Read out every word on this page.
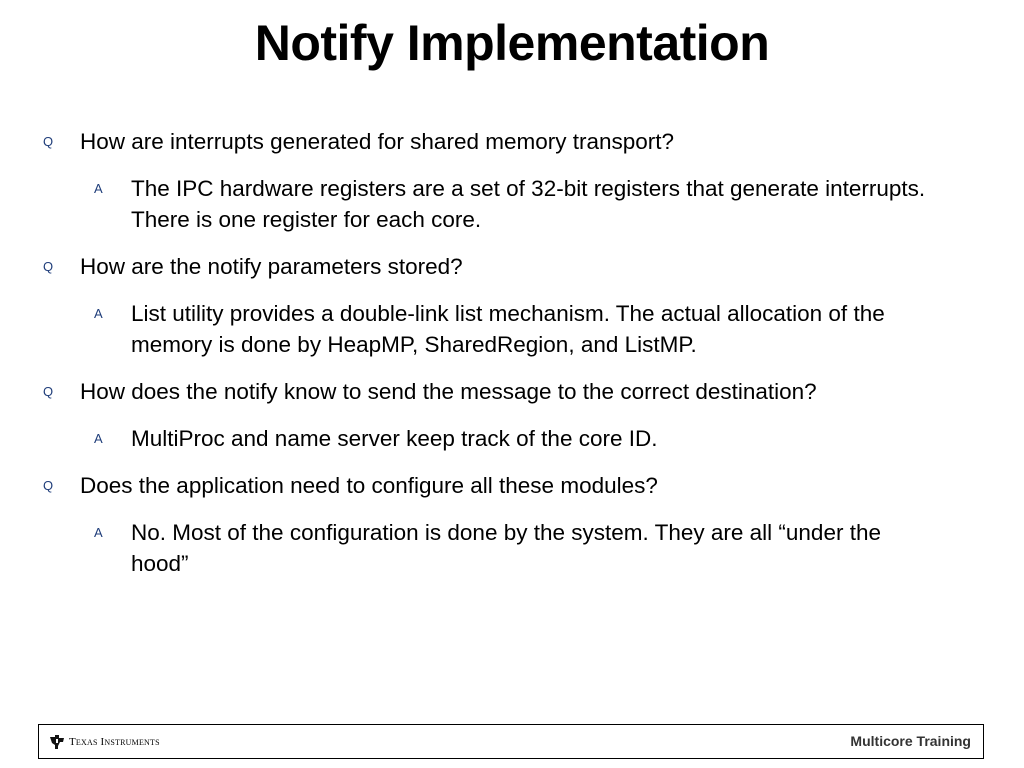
Notify Implementation
Q How are interrupts generated for shared memory transport?
A The IPC hardware registers are a set of 32-bit registers that generate interrupts. There is one register for each core.
Q How are the notify parameters stored?
A List utility provides a double-link list mechanism. The actual allocation of the memory is done by HeapMP, SharedRegion, and ListMP.
Q How does the notify know to send the message to the correct destination?
A MultiProc and name server keep track of the core ID.
Q Does the application need to configure all these modules?
A No. Most of the configuration is done by the system. They are all “under the hood”
Texas Instruments	Multicore Training
